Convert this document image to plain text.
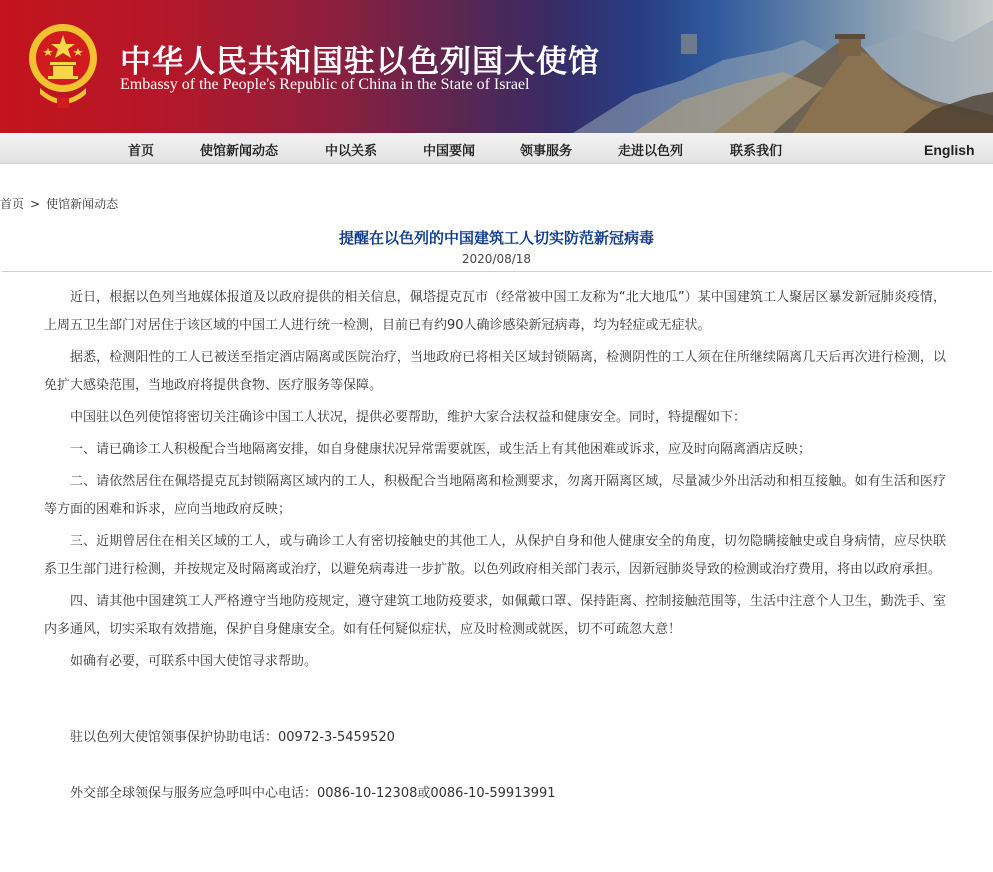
中华人民共和国驻以色列国大使馆
Embassy of the People's Republic of China in the State of Israel
首页	使馆新闻动态	中以关系	中国要闻	领事服务	走进以色列	联系我们	English
首页 > 使馆新闻动态
提醒在以色列的中国建筑工人切实防范新冠病毒
2020/08/18

近日，根据以色列当地媒体报道及以政府提供的相关信息，佩塔提克瓦市（经常被中国工友称为“北大地瓜”）某中国建筑工人聚居区暴发新冠肺炎疫情，上周五卫生部门对居住于该区域的中国工人进行统一检测，目前已有约90人确诊感染新冠病毒，均为轻症或无症状。

据悉，检测阳性的工人已被送至指定酒店隔离或医院治疗，当地政府已将相关区域封锁隔离，检测阴性的工人须在住所继续隔离几天后再次进行检测，以免扩大感染范围，当地政府将提供食物、医疗服务等保障。

中国驻以色列使馆将密切关注确诊中国工人状况，提供必要帮助，维护大家合法权益和健康安全。同时，特提醒如下：

一、请已确诊工人积极配合当地隔离安排，如自身健康状况异常需要就医，或生活上有其他困难或诉求，应及时向隔离酒店反映；

二、请依然居住在佩塔提克瓦封锁隔离区域内的工人，积极配合当地隔离和检测要求，勿离开隔离区域，尽量减少外出活动和相互接触。如有生活和医疗等方面的困难和诉求，应向当地政府反映；

三、近期曾居住在相关区域的工人，或与确诊工人有密切接触史的其他工人，从保护自身和他人健康安全的角度，切勿隐瞒接触史或自身病情，应尽快联系卫生部门进行检测，并按规定及时隔离或治疗，以避免病毒进一步扩散。以色列政府相关部门表示，因新冠肺炎导致的检测或治疗费用，将由以政府承担。

四、请其他中国建筑工人严格遵守当地防疫规定，遵守建筑工地防疫要求，如佩戴口罩、保持距离、控制接触范围等，生活中注意个人卫生，勤洗手、室内多通风，切实采取有效措施，保护自身健康安全。如有任何疑似症状，应及时检测或就医，切不可疏忽大意！

如确有必要，可联系中国大使馆寻求帮助。

驻以色列大使馆领事保护协助电话：00972-3-5459520

外交部全球领保与服务应急呼叫中心电话：0086-10-12308或0086-10-59913991
